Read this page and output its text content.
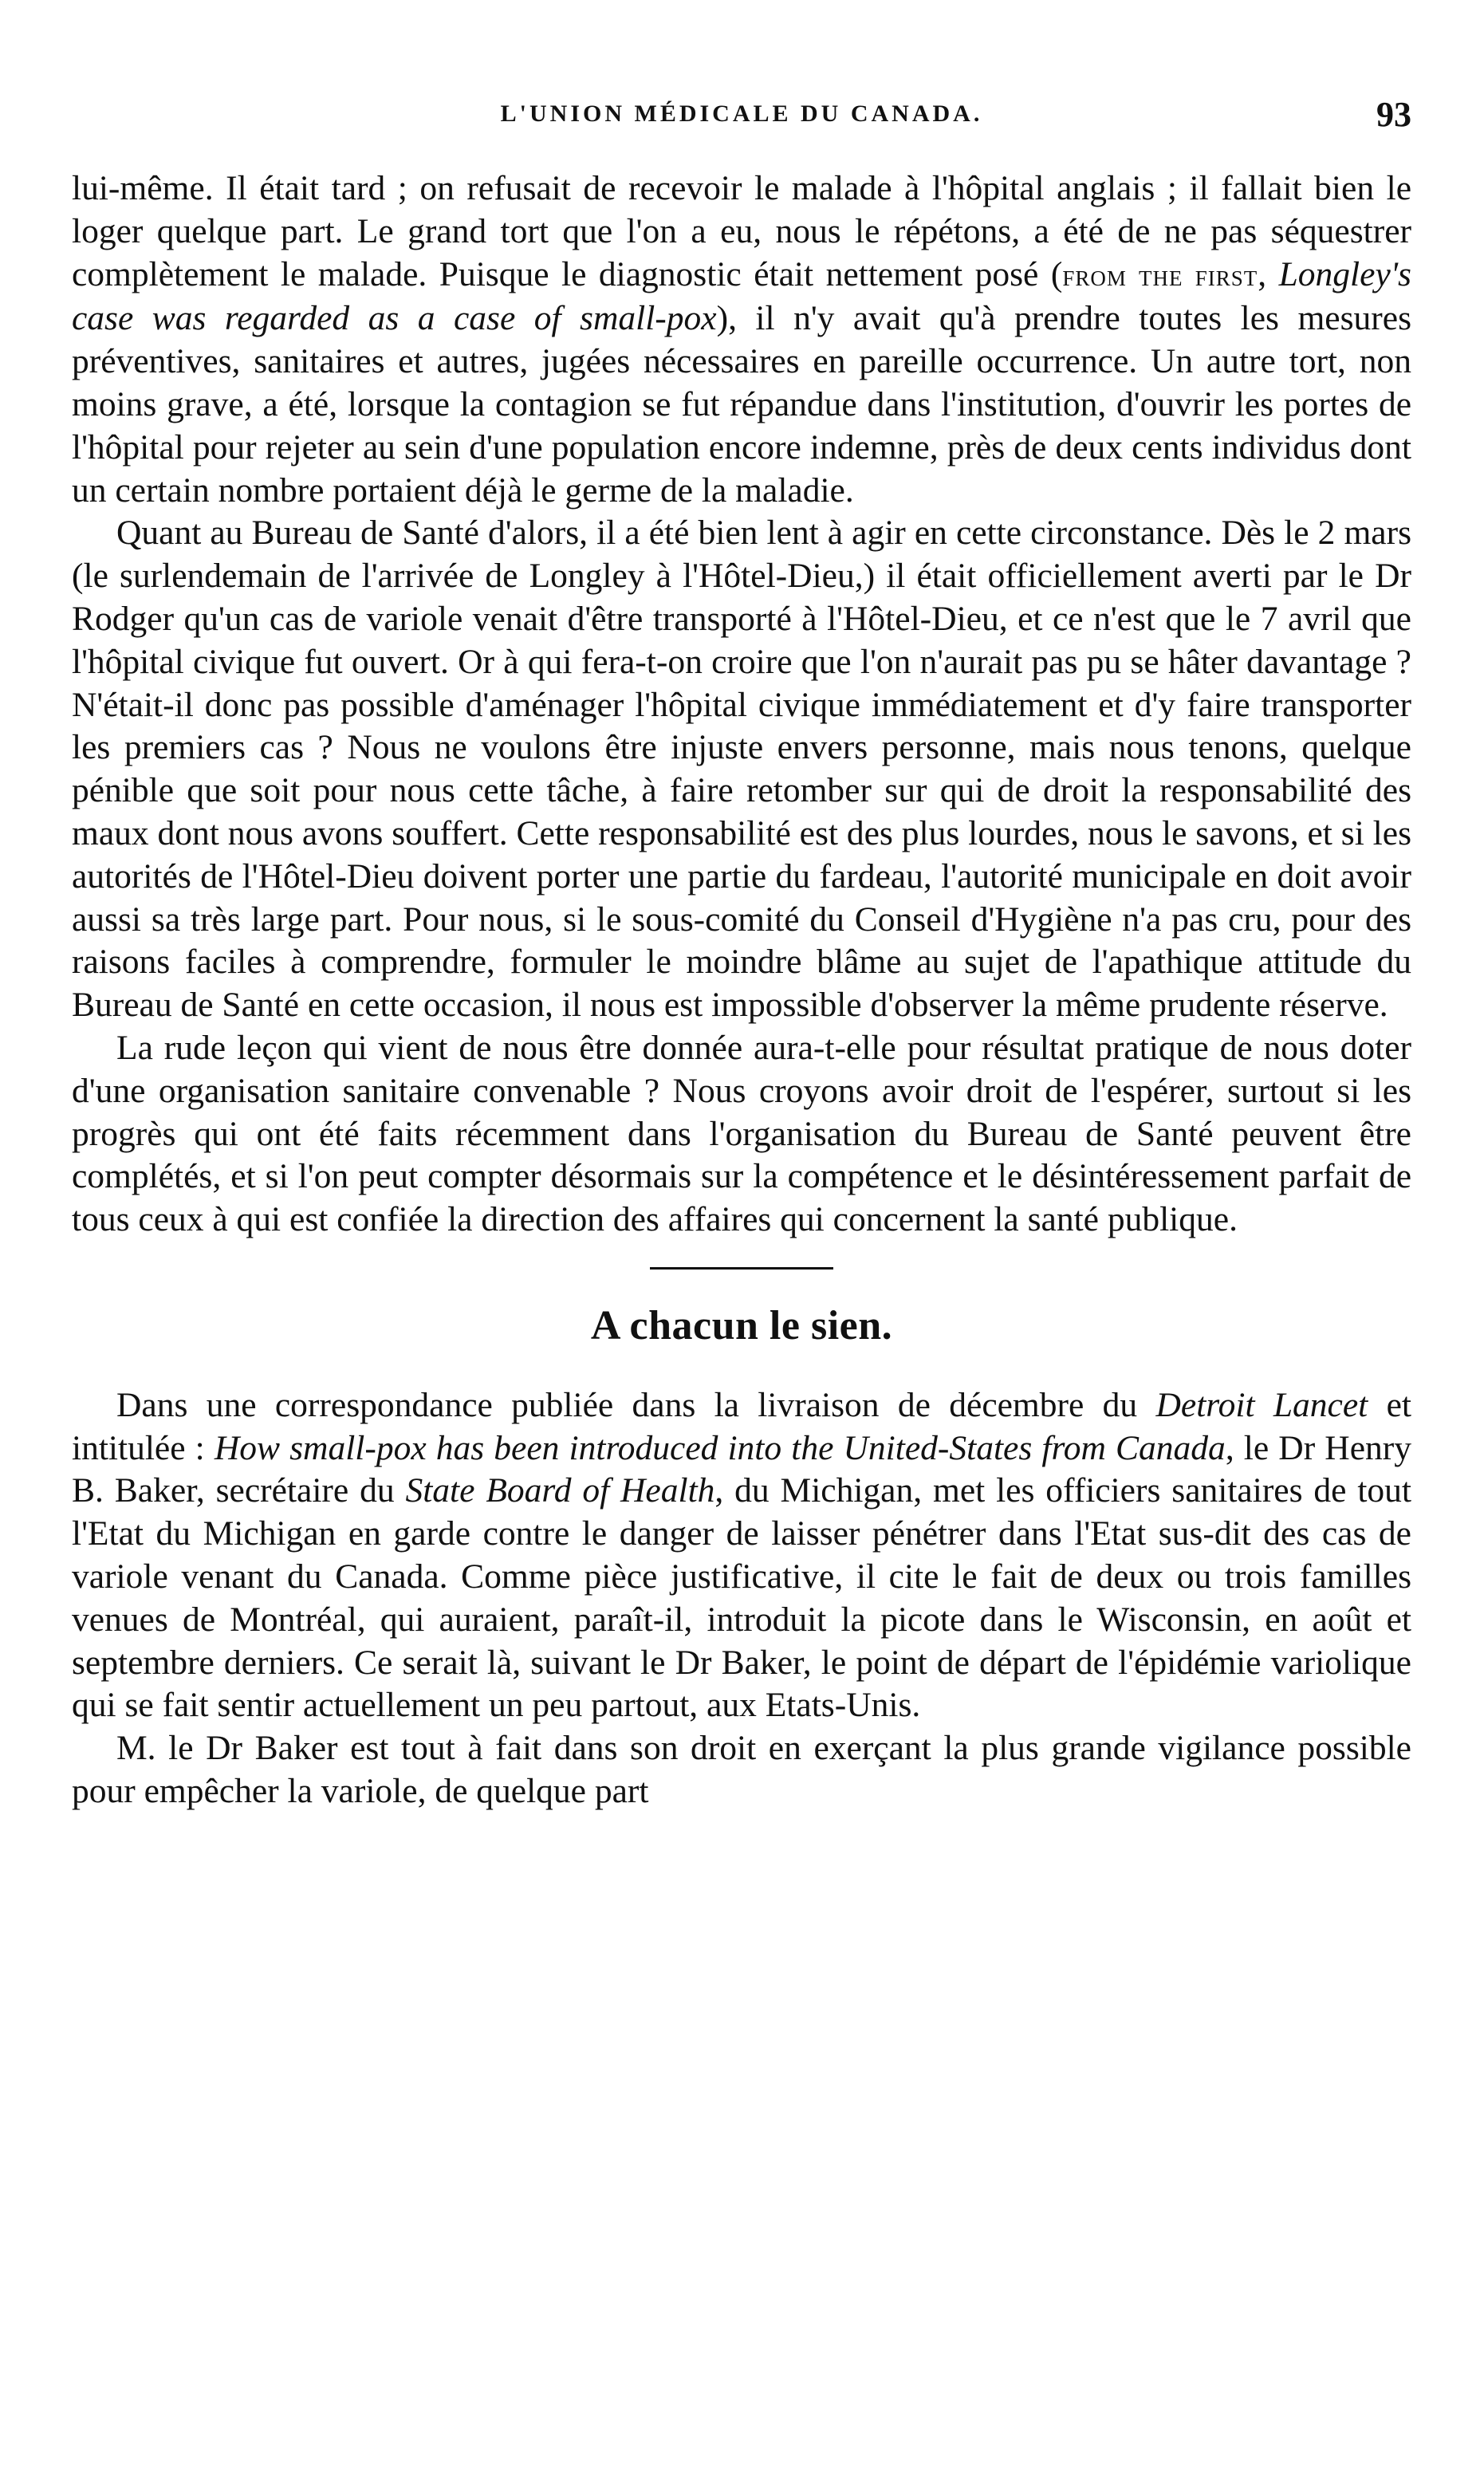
L'UNION MÉDICALE DU CANADA.	93

lui-même. Il était tard ; on refusait de recevoir le malade à l'hôpital anglais ; il fallait bien le loger quelque part. Le grand tort que l'on a eu, nous le répétons, a été de ne pas séquestrer complètement le malade. Puisque le diagnostic était nettement posé (from the first, Longley's case was regarded as a case of small-pox), il n'y avait qu'à prendre toutes les mesures préventives, sanitaires et autres, jugées nécessaires en pareille occurrence. Un autre tort, non moins grave, a été, lorsque la contagion se fut répandue dans l'institution, d'ouvrir les portes de l'hôpital pour rejeter au sein d'une population encore indemne, près de deux cents individus dont un certain nombre portaient déjà le germe de la maladie.

Quant au Bureau de Santé d'alors, il a été bien lent à agir en cette circonstance. Dès le 2 mars (le surlendemain de l'arrivée de Longley à l'Hôtel-Dieu,) il était officiellement averti par le Dr Rodger qu'un cas de variole venait d'être transporté à l'Hôtel-Dieu, et ce n'est que le 7 avril que l'hôpital civique fut ouvert. Or à qui fera-t-on croire que l'on n'aurait pas pu se hâter davantage ? N'était-il donc pas possible d'aménager l'hôpital civique immédiatement et d'y faire transporter les premiers cas ? Nous ne voulons être injuste envers personne, mais nous tenons, quelque pénible que soit pour nous cette tâche, à faire retomber sur qui de droit la responsabilité des maux dont nous avons souffert. Cette responsabilité est des plus lourdes, nous le savons, et si les autorités de l'Hôtel-Dieu doivent porter une partie du fardeau, l'autorité municipale en doit avoir aussi sa très large part. Pour nous, si le sous-comité du Conseil d'Hygiène n'a pas cru, pour des raisons faciles à comprendre, formuler le moindre blâme au sujet de l'apathique attitude du Bureau de Santé en cette occasion, il nous est impossible d'observer la même prudente réserve.

La rude leçon qui vient de nous être donnée aura-t-elle pour résultat pratique de nous doter d'une organisation sanitaire convenable ? Nous croyons avoir droit de l'espérer, surtout si les progrès qui ont été faits récemment dans l'organisation du Bureau de Santé peuvent être complétés, et si l'on peut compter désormais sur la compétence et le désintéressement parfait de tous ceux à qui est confiée la direction des affaires qui concernent la santé publique.

A chacun le sien.

Dans une correspondance publiée dans la livraison de décembre du Detroit Lancet et intitulée : How small-pox has been introduced into the United-States from Canada, le Dr Henry B. Baker, secrétaire du State Board of Health, du Michigan, met les officiers sanitaires de tout l'Etat du Michigan en garde contre le danger de laisser pénétrer dans l'Etat sus-dit des cas de variole venant du Canada. Comme pièce justificative, il cite le fait de deux ou trois familles venues de Montréal, qui auraient, paraît-il, introduit la picote dans le Wisconsin, en août et septembre derniers. Ce serait là, suivant le Dr Baker, le point de départ de l'épidémie variolique qui se fait sentir actuellement un peu partout, aux Etats-Unis.

M. le Dr Baker est tout à fait dans son droit en exerçant la plus grande vigilance possible pour empêcher la variole, de quelque part
